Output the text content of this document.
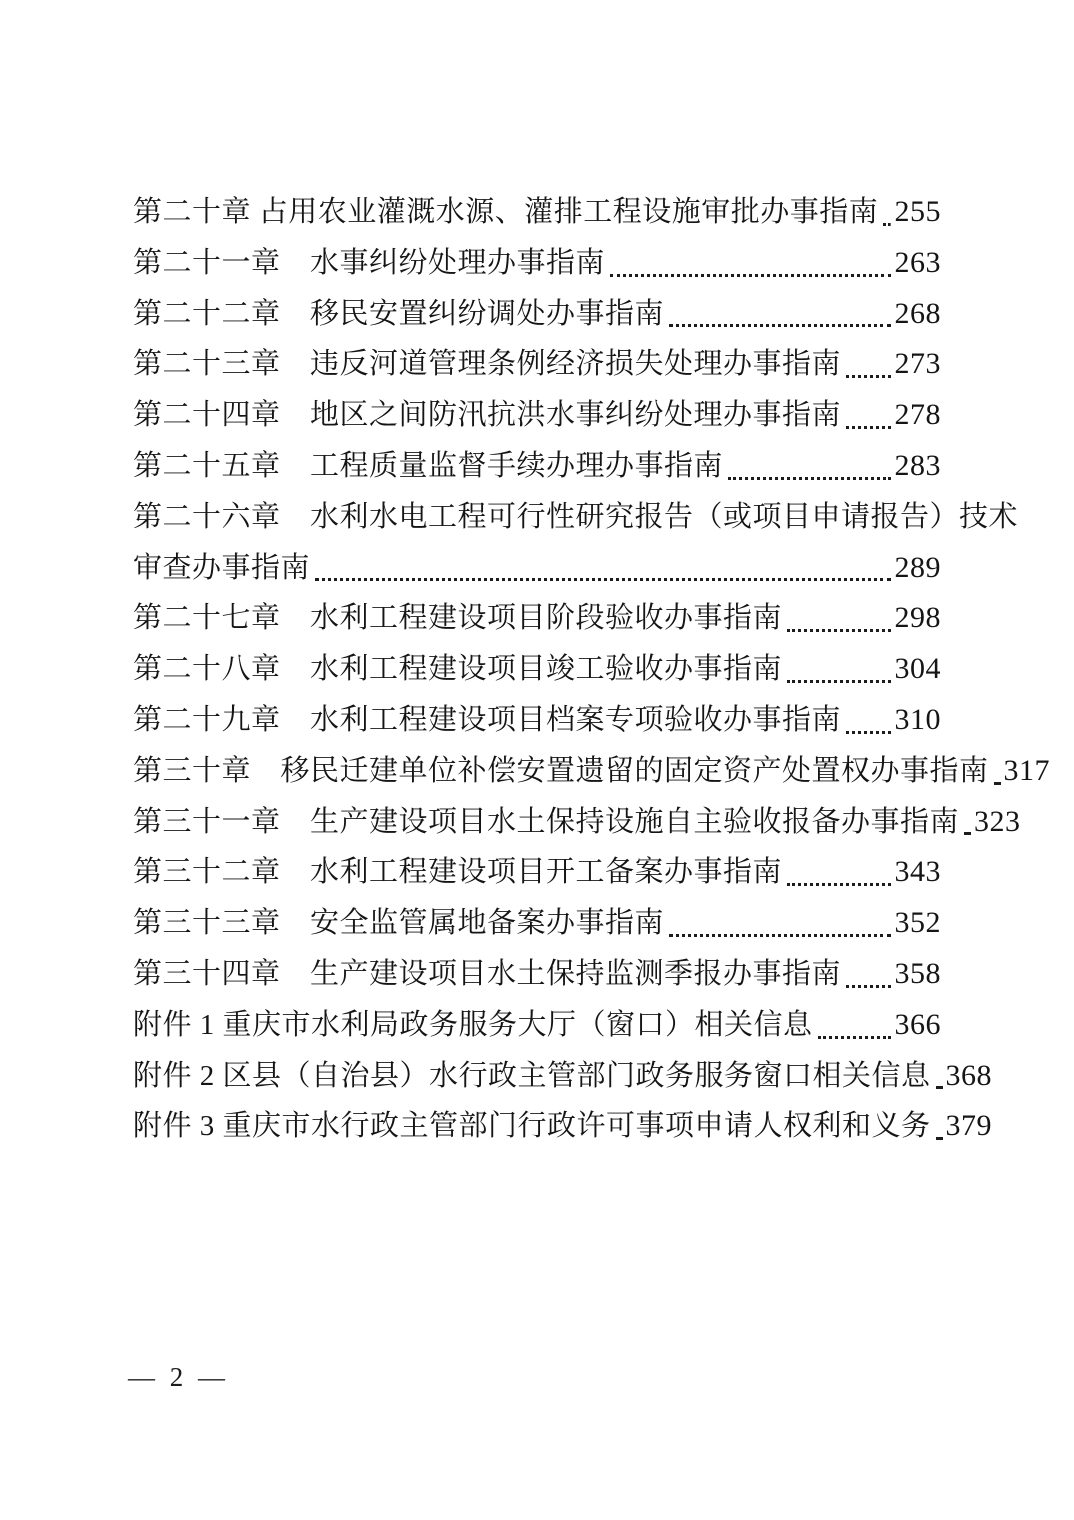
第二十章 占用农业灌溉水源、灌排工程设施审批办事指南 255
第二十一章　水事纠纷处理办事指南	263
第二十二章　移民安置纠纷调处办事指南	268
第二十三章　违反河道管理条例经济损失处理办事指南 273
第二十四章　地区之间防汛抗洪水事纠纷处理办事指南 278
第二十五章　工程质量监督手续办理办事指南	283
第二十六章　水利水电工程可行性研究报告（或项目申请报告）技术
审查办事指南	289
第二十七章　水利工程建设项目阶段验收办事指南	298
第二十八章　水利工程建设项目竣工验收办事指南	304
第二十九章　水利工程建设项目档案专项验收办事指南 310
第三十章　移民迁建单位补偿安置遗留的固定资产处置权办事指南 317
第三十一章　生产建设项目水土保持设施自主验收报备办事指南 323
第三十二章　水利工程建设项目开工备案办事指南	343
第三十三章　安全监管属地备案办事指南	352
第三十四章　生产建设项目水土保持监测季报办事指南 358
附件 1 重庆市水利局政务服务大厅（窗口）相关信息	366
附件 2 区县（自治县）水行政主管部门政务服务窗口相关信息 368
附件 3 重庆市水行政主管部门行政许可事项申请人权利和义务 379
— 2 —
